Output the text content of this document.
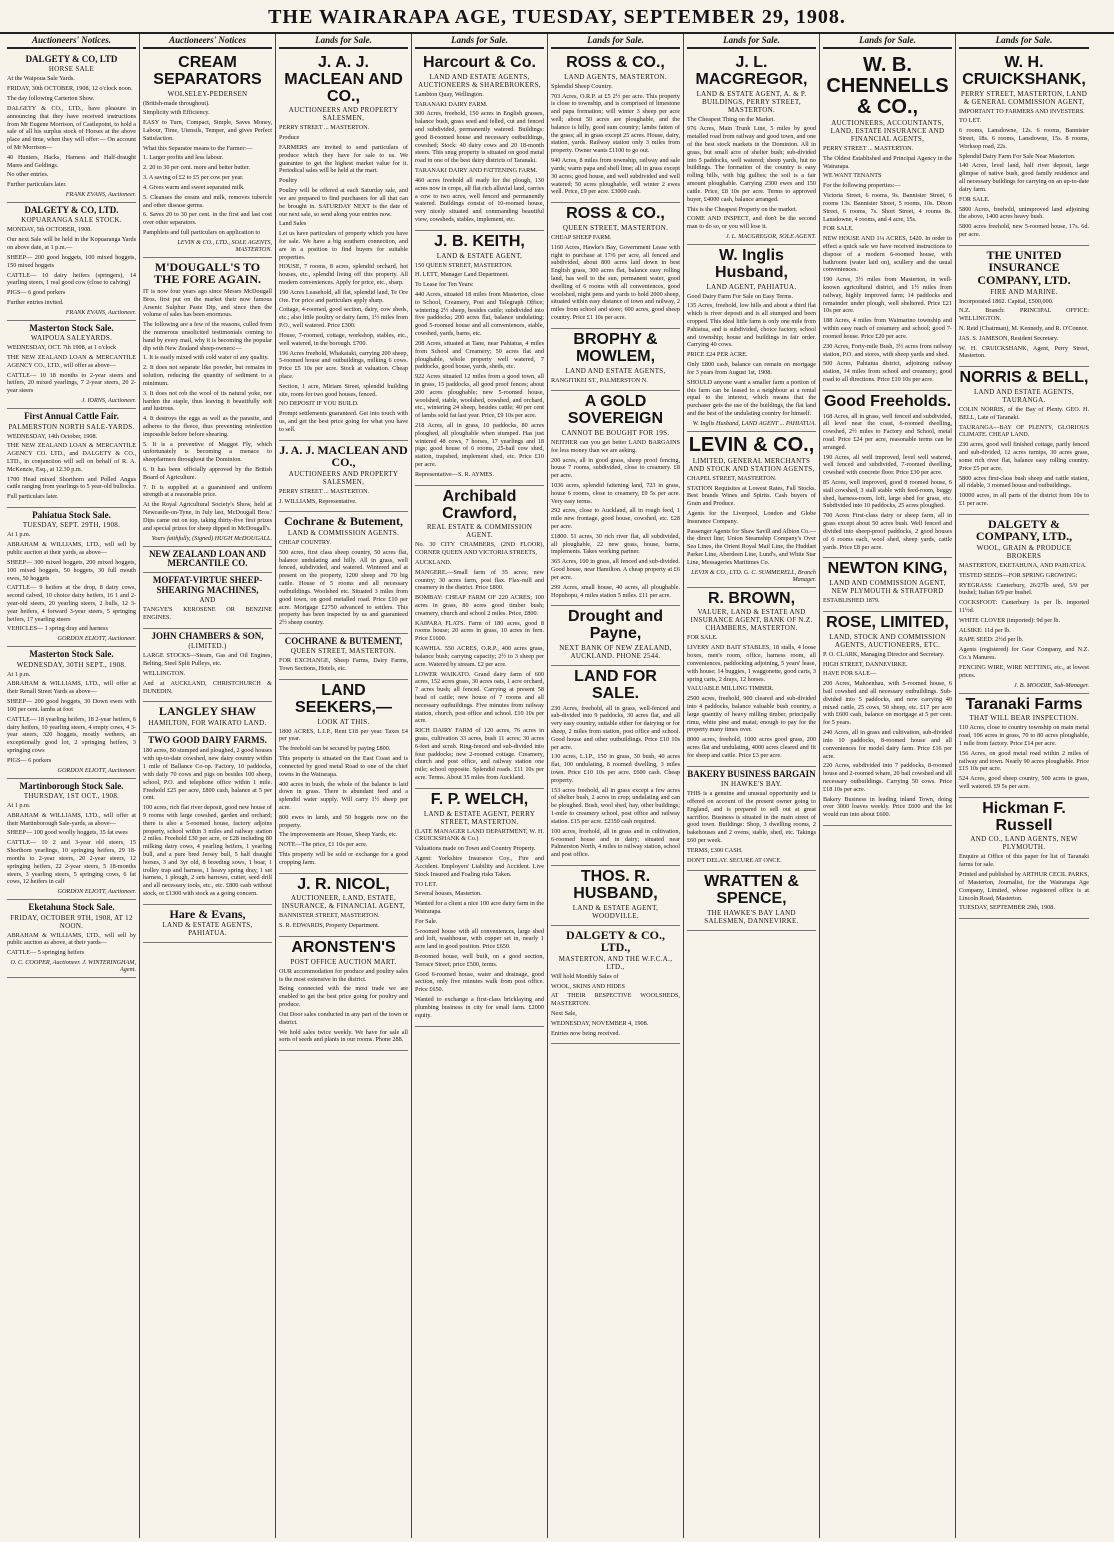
THE WAIRARAPA AGE, TUESDAY, SEPTEMBER 29, 1908.
Auctioneers' Notices.
DALGETY & CO, LTD
HORSE SALE

At the Waipoua Sale Yards.

FRIDAY, 30th OCTOBER, 1908, 12 o'clock noon.

The day following Carterton Show.

DALGETY & CO., LTD., have pleasure in announcing that they have received instructions from Mr Eugene Morrison, of Castlepoint, to hold a sale of all his surplus stock of Horses at the above place and time, when they will offer:— On account of Mr Morrison—

40 Hunters, Hacks, Harness and Half-draught Mares and Geldings.

No other entries.

Further particulars later.

FRANK EVANS, Auctioneer.
DALGETY & CO, LTD.
KOPUARANGA SALE STOCK.

MONDAY, 5th OCTOBER, 1908.

Our next Sale will be held in the Kopuaranga Yards on above date, at 1 p.m.—

SHEEP— 200 good hoggets, 100 mixed hoggets, 150 mixed hoggets

CATTLE— 10 dairy heifers (springers), 14 yearling steers, 1 real good cow (close to calving)

PIGS— 6 good porkers

Further entries invited.

FRANK EVANS, Auctioneer.
Masterton Stock Sale.
WAIPOUA SALEYARDS.

WEDNESDAY, OCT. 7th 1908, at 1 o'clock

THE NEW ZEALAND LOAN & MERCANTILE AGENCY CO., LTD., will offer as above—

CATTLE— 10 18 months to 2-year steers and heifers, 20 mixed yearlings, 7 2-year steers, 20 2-year steers

J. IORNS, Auctioneer.
First Annual Cattle Fair.
PALMERSTON NORTH SALE-YARDS.

WEDNESDAY, 14th October, 1908.

THE NEW ZEALAND LOAN & MERCANTILE AGENCY CO. LTD., and DALGETY & CO., LTD., in conjunction will sell on behalf of R. A. McKenzie, Esq., at 12.30 p.m.

1700 Head mixed Shorthorn and Polled Angus cattle ranging from yearlings to 5 year-old bullocks.

Full particulars later.

Pahiatua Stock Sale.
TUESDAY, SEPT. 29TH, 1908.

At 1 p.m.

ABRAHAM & WILLIAMS, LTD., will sell by public auction at their yards, as above—

SHEEP— 300 mixed hoggets, 200 mixed hoggets, 100 mixed hoggets, 50 hoggets, 30 full mouth ewes, 50 hoggets

CATTLE— 9 heifers at the drop, 8 dairy cows, second calved, 10 choice dairy heifers, 16 1 and 2-year-old steers, 20 yearling steers, 2 bulls, 12 3-year heifers, 4 forward 3-year steers, 5 springing heifers, 17 yearling steers

VEHICLES— 1 spring dray and harness

GORDON ELIOTT, Auctioneer.
Masterton Stock Sale.
WEDNESDAY, 30TH SEPT., 1908.

At 1 p.m.

ABRAHAM & WILLIAMS, LTD., will offer at their Renall Street Yards as above—

SHEEP— 200 good hoggets, 30 Down ewes with 100 per cent. lambs at foot

CATTLE— 18 yearling heifers, 18 2-year heifers, 6 dairy heifers, 10 yearling steers, 4 empty cows, 4 3-year steers, 320 hoggets, mostly wethers, an exceptionally good lot, 2 springing heifers, 3 springing cows

PIGS— 6 porkers

GORDON ELIOTT, Auctioneer.
Martinborough Stock Sale.
THURSDAY, 1ST OCT., 1908.

At 1 p.m.

ABRAHAM & WILLIAMS, LTD., will offer at their Martinborough Sale-yards, as above—

SHEEP— 100 good woolly hoggets, 35 fat ewes

CATTLE— 10 2 and 3-year old steers, 15 Shorthorn yearlings, 10 springing heifers, 29 18-months to 2-year steers, 20 2-year steers, 12 springing heifers, 22 2-year steers, 5 18-months steers, 3 yearling steers, 5 springing cows, 6 fat cows, 12 heifers in calf

GORDON ELIOTT, Auctioneer.
Eketahuna Stock Sale.
FRIDAY, OCTOBER 9TH, 1908, AT 12 NOON.

ABRAHAM & WILLIAMS, LTD., will sell by public auction as above, at their yards—

CATTLE— 5 springing heifers

O. C. COOPER, Auctioneer. J. WINTERINGHAM, Agent.
Auctioneers' Notices
CREAM SEPARATORS
WOLSELEY-PEDERSEN

(British-made throughout).

Simplicity with Efficiency.

EASY to Turn, Compact, Simple, Saves Money, Labour, Time, Utensils, Temper, and gives Perfect Satisfaction.

What this Separator means to the Farmer:—

1. Larger profits and less labour.

2. 20 to 30 per cent. more and better butter.

3. A saving of £2 to £5 per cow per year.

4. Gives warm and sweet separated milk.

5. Cleanses the cream and milk, removes tubercle and other disease germs.

6. Saves 20 to 30 per cent. in the first and last cost over other separators.

Pamphlets and full particulars on application to

LEVIN & CO., LTD., SOLE AGENTS, MASTERTON.
M'DOUGALL'S TO THE FORE AGAIN.

IT is now four years ago since Messrs McDougall Bros. first put on the market their now famous Arsenic Sulphur Paste Dip, and since then the volume of sales has been enormous.

The following are a few of the reasons, culled from the numerous unsolicited testimonials coming to hand by every mail, why it is becoming the popular dip with New Zealand sheep-owners:—

1. It is easily mixed with cold water of any quality.

2. It does not separate like powder, but remains in solution, reducing the quantity of sediment to a minimum.

3. It does not rob the wool of its natural yoke, nor harden the staple, thus leaving it beautifully soft and lustrous.

4. It destroys the eggs as well as the parasite, and adheres to the fleece, thus preventing reinfection impossible before before shearing.

5. It is a preventive of Maggot Fly, which unfortunately is becoming a menace to sheepfarmers throughout the Dominion.

6. It has been officially approved by the British Board of Agriculture.

7. It is supplied at a guaranteed and uniform strength at a reasonable price.

At the Royal Agricultural Society's Show, held at Newcastle-on-Tyne, in July last, McDougall Bros.' Dips came out on top, taking thirty-five first prizes and special prizes for sheep dipped in McDougall's.

Yours faithfully, (Signed) HUGH McDOUGALL.
NEW ZEALAND LOAN AND MERCANTILE CO.
MOFFAT-VIRTUE SHEEP-SHEARING MACHINES,
AND

TANGYE'S KEROSENE OR BENZINE ENGINES.

JOHN CHAMBERS & SON,
(LIMITED.)

LARGE STOCKS—Steam, Gas and Oil Engines, Belting, Steel Split Pulleys, etc.

WELLINGTON.

And at AUCKLAND, CHRISTCHURCH & DUNEDIN.

LANGLEY SHAW
HAMILTON, FOR WAIKATO LAND.
TWO GOOD DAIRY FARMS.

180 acres, 80 stumped and ploughed, 2 good houses with up-to-date cowshed, new dairy country within 1 mile of Ballance Co-op. Factory, 10 paddocks, with daily 70 cows and pigs on besides 100 sheep, school, P.O. and telephone office within 1 mile. Freehold £25 per acre, £800 cash, balance at 5 per cent.

100 acres, rich flat river deposit, good new house of 9 rooms with large cowshed, garden and orchard; there is also a 5-roomed house, factory adjoins property, school within 3 miles and railway station 2 miles. Freehold £30 per acre, or £28 including 80 milking dairy cows, 4 yearling heifers, 1 yearling bull, and a pure bred Jersey bull, 5 half draught horses, 3 and 3yr old, 8 breeding sows, 1 boar, 1 trolley trap and harness, 1 heavy spring dray, 1 set harness, 1 plough, 2 sets harrows, cutter, seed drill and all necessary tools, etc., etc. £800 cash without stock, or £1300 with stock as a going concern.

Hare & Evans,
LAND & ESTATE AGENTS, PAHIATUA.
Lands for Sale.
J. A. J. MACLEAN AND CO.,
AUCTIONEERS AND PROPERTY SALESMEN,

PERRY STREET ... MASTERTON.

Produce

FARMERS are invited to send particulars of produce which they have for sale to us. We guarantee to get the highest market value for it. Periodical sales will be held at the mart.

Poultry

Poultry will be offered at each Saturday sale, and we are prepared to find purchasers for all that can be brought in. SATURDAY NEXT is the date of our next sale, so send along your entries now.

Land Sales

Let us have particulars of property which you have for sale. We have a big southern connection, and are in a position to find buyers for suitable properties.

HOUSE, 7 rooms, 8 acres, splendid orchard, hot houses, etc., splendid living off this property. All modern conveniences. Apply for price, etc., sharp.

190 Acres Leasehold, all flat, splendid land, Te Ore Ore. For price and particulars apply sharp.

Cottage, 4-roomed, good section, dairy, cow sheds, etc.; also little poultry or dairy farm, 1½ miles from P.O., well watered. Price £300.

House, 7-roomed, cottage, workshop, stables, etc., well watered, in the borough. £700.

196 Acres freehold, Whakataki, carrying 200 sheep, 5-roomed house and outbuildings, milking 6 cows. Price £5 10s per acre. Stock at valuation. Cheap place.

Section, 1 acre, Miriam Street, splendid building site, room for two good houses, fenced.

NO DEPOSIT IF YOU BUILD.

Prompt settlements guaranteed. Get into touch with us, and get the best price going for what you have to sell.

J. A. J. MACLEAN AND CO.,
AUCTIONEERS AND PROPERTY SALESMEN,

PERRY STREET ... MASTERTON.

J. WILLIAMS, Representative.

Cochrane & Butement,
LAND & COMMISSION AGENTS.

CHEAP COUNTRY.

500 acres, first class sheep country, 50 acres flat, balance undulating and hilly. All in grass, well fenced, subdivided, and watered. Wintered and at present on the property, 1200 sheep and 70 big cattle. House of 5 rooms and all necessary outbuildings. Woolshed etc. Situated 3 miles from good town, on good metalled road. Price £10 per acre. Mortgage £2750 advanced to settlers. This property has been inspected by us and guaranteed 2½ sheep country.

COCHRANE & BUTEMENT,
QUEEN STREET, MASTERTON.

FOR EXCHANGE, Sheep Farms, Dairy Farms, Town Sections, Hotels, etc.

LAND SEEKERS,—
LOOK AT THIS.

1800 ACRES, L.I.P., Rent £18 per year. Taxes £4 per year.

The freehold can be secured by paying £800.

This property is situated on the East Coast and is connected by good metal Road to one of the chief towns in the Wairarapa.

400 acres in bush, the whole of the balance is laid down in grass. There is abundant feed and a splendid water supply. Will carry 1½ sheep per acre.

800 ewes in lamb, and 50 hoggets now on the property.

The improvements are House, Sheep Yards, etc.

NOTE—The price, £1 10s per acre.

This property will be sold or exchange for a good cropping farm.

J. R. NICOL,
AUCTIONEER, LAND, ESTATE, INSURANCE, & FINANCIAL AGENT,

BANNISTER STREET, MASTERTON.

S. R. EDWARDS, Property Department.

ARONSTEN'S
POST OFFICE AUCTION MART.

OUR accommodation for produce and poultry sales is the most extensive in the district.

Being connected with the most trade we are enabled to get the best price going for poultry and produce.

Out Door sales conducted in any part of the town or district.

We hold sales twice weekly. We have for sale all sorts of seeds and plants in our rooms. Phone 288.

Lands for Sale.
Harcourt & Co.
LAND AND ESTATE AGENTS, AUCTIONEERS & SHAREBROKERS,

Lambton Quay, Wellington.

TARANAKI DAIRY FARM.

300 Acres, freehold, 150 acres in English grasses, balance bush, grass seed and felled, cut and fenced and subdivided, permanently watered. Buildings: good 8-roomed house and necessary outbuildings, cowshed; Stock: 40 dairy cows and 20 18-month steers. This snug property is situated on good metal road in one of the best dairy districts of Taranaki.

TARANAKI DAIRY AND FATTENING FARM.

460 acres freehold all ready for the plough, 130 acres now in crops, all flat rich alluvial land, carries a cow to two acres, well fenced and permanently watered. Buildings consist of 10-roomed house, very nicely situated and commanding beautiful view, cowsheds, stables, implement, etc.

J. B. KEITH,
LAND & ESTATE AGENT,

150 QUEEN STREET, MASTERTON.

H. LETT, Manager Land Department.

To Lease for Ten Years:

440 Acres, situated 18 miles from Masterton, close to School, Creamery, Post and Telegraph Office; wintering 2½ sheep, besides cattle; subdivided into five paddocks; 200 acres flat, balance undulating; good 5-roomed house and all conveniences, stable, cowshed, yards, barns, etc.

208 Acres, situated at Tane, near Pahiatua, 4 miles from School and Creamery; 50 acres flat and ploughable, whole property well watered, 7 paddocks, good house, yards, sheds, etc.

922 Acres situated 12 miles from a good town, all in grass, 15 paddocks, all good proof fences; about 200 acres ploughable; new 5-roomed house, woolshed, stable, woolshed, cowshed, and orchard, etc., wintering 24 sheep, besides cattle; 40 per cent of lambs sold fat last year. Price, £9 10s per acre.

218 Acres, all in grass, 10 paddocks, 80 acres ploughed, all ploughable when stumped. Has just wintered 48 cows, 7 horses, 17 yearlings and 18 pigs; good house of 6 rooms, 25-bail cow shed, station, trapshed, implement shed, etc. Price £10 per acre.

Representative—S. R. AYMES.

Archibald Crawford,
REAL ESTATE & COMMISSION AGENT.

No. 30 CITY CHAMBERS, (2ND FLOOR), CORNER QUEEN AND VICTORIA STREETS,

AUCKLAND.

MANGERE.—Small farm of 35 acres; new country; 30 acres farm, post flax. Flax-mill and creamery in the district. Price £800.

BOMBAY: CHEAP FARM OF 220 ACRES; 100 acres in grass, 80 acres good timber bush; creamery, church and school 2 miles. Price, £800.

KAIPARA FLATS. Farm of 180 acres, good 8 rooms house; 20 acres in grass, 10 acres in fern. Price £1600.

KAWHIA. 550 ACRES, O.R.P., 400 acres grass, balance bush; carrying capacity; 2½ to 3 sheep per acre. Watered by stream. £2 per acre.

LOWER WAIKATO. Grand dairy farm of 600 acres, 152 acres grass, 30 acres oats, 1 acre orchard, 7 acres bush; all fenced. Carrying at present 58 head of cattle; new house of 7 rooms and all necessary outbuildings. Five minutes from railway station, church, post office and school. £10 10s per acre.

RICH DAIRY FARM of 120 acres, 76 acres in grass, cultivation 33 acres, bush 11 acres; 30 acres 6-feet and scrub. Ring-fenced and sub-divided into four paddocks; new 2-roomed cottage. Creamery, church and post office, and railway station one mile; school opposite. Splendid roads. £11 10s per acre. Terms. About 35 miles from Auckland.

F. P. WELCH,
LAND & ESTATE AGENT, PERRY STREET, MASTERTON.

(LATE MANAGER LAND DEPARTMENT, W. H. CRUICKSHANK & Co.)

Valuations made on Town and Country Property.

Agent: Yorkshire Insurance Coy., Fire and Accident. Employers' Liability and Accident. Live Stock Insured and Foaling risks Taken.

TO LET.

Several houses, Masterton.

Wanted for a client a nice 100 acre dairy farm in the Wairarapa.

For Sale.

5-roomed house with all conveniences, large shed and loft, washhouse, with copper set in, nearly 1 acre land in good position. Price £650.

8-roomed house, well built, on a good section, Terrace Street; price £500, terms.

Good 6-roomed house, water and drainage, good section, only five minutes walk from post office. Price £650.

Wanted to exchange a first-class bricklaying and plumbing business in city for small farm. £2000 equity.

Lands for Sale.
ROSS & CO.,
LAND AGENTS, MASTERTON.

Splendid Sheep Country.

703 Acres, O.R.P. at £5 2½ per acre. This property is close to township, and is comprised of limestone and papa formation; will winter 3 sheep per acre well; about 50 acres are ploughable, and the balance is hilly, good sum country; lambs fatten of the grass; all in grass except 25 acres. House, dairy, station, yards. Railway station only 3 miles from property. Owner wants £1100 to go out.

940 Acres, 8 miles from township, railway and sale yards; warm papa and shell lime; all in grass except 30 acres; good house, and well subdivided and well watered; 50 acres ploughable, will winter 2 ewes well. Price, £9 per acre. £3000 cash.

ROSS & CO.,
QUEEN STREET, MASTERTON.

CHEAP SHEEP FARM.

1160 Acres, Hawke's Bay, Government Lease with right to purchase at 17/6 per acre, all fenced and subdivided, about 800 acres laid down in best English grass, 300 acres flat, balance easy rolling land, has well to the sun, permanent water, good dwelling of 6 rooms with all conveniences, good woolshed, night pens and yards to hold 2000 sheep, situated within easy distance of town and railway, 2 miles from school and store; 600 acres, good sheep country. Price £1 10s per acre.

BROPHY & MOWLEM,
LAND AND ESTATE AGENTS,

RANGITIKEI ST., PALMERSTON N.

A GOLD SOVEREIGN
CANNOT BE BOUGHT FOR 19S.

NEITHER can you get better LAND BARGAINS for less money than we are asking.

200 acres, all in good grass, sheep proof fencing, house 7 rooms, subdivided, close to creamery. £8 per acre.

1036 acres, splendid fattening land, 723 in grass, house 6 rooms, close to creamery, £9 5s per acre. Very easy terms.

292 acres, close to Auckland, all in rough feed, 1 mile new frontage, good house, cowshed, etc. £28 per acre.

£1800. 51 acres, 30 rich river flat, all subdivided, all ploughable, 22 new grass, house, barns, implements. Takes working partner.

365 Acres, 100 in grass, all fenced and sub-divided. Good house, near Hamilton. A cheap property at £6 per acre.

299 Acres, small house, 40 acres, all ploughable. Hopuhopu, 4 miles station 5 miles. £11 per acre.

Drought and Payne,
NEXT BANK OF NEW ZEALAND, AUCKLAND. PHONE 2544.
LAND FOR SALE.

230 Acres, freehold, all in grass, well-fenced and sub-divided into 9 paddocks, 30 acres flat, and all very easy country, suitable either for dairying or for sheep, 2 miles from station, post office and school. Good house and other outbuildings. Price £10 10s per acre.

130 acres, L.I.P., 150 in grass, 30 bush, 40 acres flat, 100 undulating, 8 roomed dwelling, 3 miles town. Price £10 10s per acre. £600 cash. Cheap property.

153 acres freehold, all in grass except a few acres of shelter bush, 2 acres in crop; undulating and can be ploughed. Bush, wool shed, hay, other buildings; 1-mile to creamery school, post office and railway station. £15 per acre. £2350 cash required.

100 acres, freehold, all in grass and in cultivation, 6-roomed house and in dairy; situated near Palmerston North, 4 miles to railway station, school and post office.

THOS. R. HUSBAND,
LAND & ESTATE AGENT, WOODVILLE.
DALGETY & CO., LTD.,
MASTERTON, AND THE W.F.C.A., LTD.,

Will hold Monthly Sales of

WOOL, SKINS AND HIDES

AT THEIR RESPECTIVE WOOLSHEDS, MASTERTON.

Next Sale,

WEDNESDAY, NOVEMBER 4, 1908.

Entries now being received.

Lands for Sale.
J. L. MACGREGOR,
LAND & ESTATE AGENT, A. & P. BUILDINGS, PERRY STREET, MASTERTON.

The Cheapest Thing on the Market.

976 Acres, Main Trunk Line, 5 miles by good metalled road from railway and good town, and one of the best stock markets in the Dominion. All in grass, but small acre of shelter bush; sub-divided into 5 paddocks, well watered; sheep yards, hut no buildings. The formation of the country is easy rolling hills, with big gullies; the soil is a fair amount ploughable. Carrying 2300 ewes and 150 cattle. Price, £8 10s per acre. Terms to approved buyer, £4000 cash, balance arranged.

This is the Cheapest Property on the market.

COME AND INSPECT, and don't be the second man to do so, or you will lose it.

J. L. MACGREGOR, SOLE AGENT.
W. Inglis Husband,
LAND AGENT, PAHIATUA.

Good Dairy Farm For Sale on Easy Terms.

135 Acres, freehold, low hills and about a third flat which is river deposit and is all stumped and been cropped. This ideal little farm is only one mile from Pahiatua, and is subdivided, choice factory, school and township; house and buildings in fair order. Carrying 40 cows.

PRICE £24 PER ACRE.

Only £800 cash, balance can remain on mortgage for 3 years from August 1st, 1908.

SHOULD anyone want a smaller farm a portion of this farm can be leased to a neighbour at a rental equal to the interest, which means that the purchaser gets the use of the buildings, the flat land and the best of the undulating country for himself.

W. Inglis Husband, LAND AGENT ... PAHIATUA.
LEVIN & CO.,
LIMITED, GENERAL MERCHANTS AND STOCK AND STATION AGENTS,

CHAPEL STREET, MASTERTON.

STATION Requisites at Lowest Rates, Fall Stocks. Best brands Wines and Spirits. Cash buyers of Grain and Produce.

Agents for the Liverpool, London and Globe Insurance Company.

Passenger Agents for Shaw Savill and Albion Co.—the direct line; Union Steamship Company's Over Sea Lines, the Orient Royal Mail Line, the Huddart Parker Line, Aberdeen Line, Lund's, and White Star Line, Messageries Maritimes Co.

LEVIN & CO., LTD. G. C. SUMMERELL, Branch Manager.
R. BROWN,
VALUER, LAND & ESTATE AND INSURANCE AGENT, BANK OF N.Z. CHAMBERS, MASTERTON.

FOR SALE.

LIVERY AND BAIT STABLES, 18 stalls, 4 loose boxes, men's room, office, harness room, all conveniences, paddocking adjoining, 5 years' lease, with house; 14 buggies, 1 waggonette, good carts, 3 spring carts, 2 drays, 12 horses.

VALUABLE MILLING TIMBER.

2500 acres, freehold, 900 cleared and sub-divided into 4 paddocks, balance valuable bush country, a large quantity of heavy milling timber, principally rimu, white pine and matai; enough to pay for the property many times over.

8000 acres, freehold, 1000 acres good grass, 200 acres flat and undulating, 4000 acres cleared and fit for sheep and cattle. Price £3 per acre.

BAKERY BUSINESS BARGAIN
IN HAWKE'S BAY.

THIS is a genuine and unusual opportunity and is offered on account of the present owner going to England, and is prepared to sell out at great sacrifice. Business is situated in the main street of good town. Buildings: Shop, 3 dwelling rooms, 2 bakehouses and 2 ovens, stable, shed, etc. Takings £60 per week.

TERMS, £300 CASH.

DON'T DELAY. SECURE AT ONCE.

WRATTEN & SPENCE,
THE HAWKE'S BAY LAND SALESMEN, DANNEVIRKE.
Lands for Sale.
W. B. CHENNELLS & CO.,
AUCTIONEERS, ACCOUNTANTS, LAND, ESTATE INSURANCE AND FINANCIAL AGENTS,

PERRY STREET ... MASTERTON.

The Oldest Established and Principal Agency in the Wairarapa.

WE WANT TENANTS

For the following properties:—

Victoria Street, 6 rooms, 9s. Bannister Street, 6 rooms 13s. Bannister Street, 5 rooms, 10s. Dixon Street, 6 rooms, 7s. Short Street, 4 rooms 8s. Lansdowne, 4 rooms, and 4 acre, 15s.

FOR SALE.

NEW HOUSE AND 1¼ ACRES, £420. In order to effect a quick sale we have received instructions to dispose of a modern 6-roomed house, with bathroom (water laid on), scullery and the usual conveniences.

190 Acres, 3½ miles from Masterton, in well-known agricultural district, and 1½ miles from railway, highly improved farm; 14 paddocks and remainder under plough, well sheltered. Price £21 10s per acre.

188 Acres, 4 miles from Waimarino township and within easy reach of creamery and school; good 7-roomed house. Price £20 per acre.

230 Acres, Forty-mile Bush, 3½ acres from railway station, P.O. and stores, with sheep yards and shed.

500 Acres, Pahiatua district, adjoining railway station, 14 miles from school and creamery; good road to all directions. Price £10 10s per acre.

Good Freeholds.

168 Acres, all in grass, well fenced and subdivided, all level near the coast, 6-roomed dwelling, cowshed, 2½ miles to Factory and School, metal road. Price £24 per acre, reasonable terms can be arranged.

190 Acres, all well improved, level well watered, well fenced and subdivided, 7-roomed dwelling, cowshed with concrete floor. Price £30 per acre.

85 Acres, well improved, good 8 roomed house, 6 stall cowshed, 3 stall stable with feed-room, buggy shed, harness-room, loft, large shed for grass, etc. Subdivided into 10 paddocks, 25 acres ploughed.

700 Acres First-class dairy or sheep farm, all in grass except about 50 acres bush. Well fenced and divided into sheep-proof paddocks, 2 good houses of 6 rooms each, wool shed, sheep yards, cattle yards. Price £8 per acre.

NEWTON KING,
LAND AND COMMISSION AGENT, NEW PLYMOUTH & STRATFORD

ESTABLISHED 1879.

ROSE, LIMITED,
LAND, STOCK AND COMMISSION AGENTS, AUCTIONEERS, ETC.

P. O. CLARK, Managing Director and Secretary.

HIGH STREET, DANNEVIRKE.

HAVE FOR SALE—

200 Acres, Mahoenhau, with 5-roomed house, 6 bail cowshed and all necessary outbuildings. Sub-divided into 5 paddocks, and now carrying 40 mixed cattle, 25 cows, 50 sheep, etc. £17 per acre with £600 cash, balance on mortgage at 5 per cent. for 5 years.

240 Acres, all in grass and cultivation, sub-divided into 10 paddocks, 8-roomed house and all conveniences for model dairy farm. Price £16 per acre.

220 Acres, subdivided into 7 paddocks, 8-roomed house and 2-roomed whare, 20 bail cowshed and all necessary outbuildings. Carrying 50 cows. Price £18 10s per acre.

Bakery Business in leading inland Town, doing over 3000 loaves weekly. Price £600 and the lot would run into about £600.

Lands for Sale.
W. H. CRUICKSHANK,
PERRY STREET, MASTERTON, LAND & GENERAL COMMISSION AGENT,

IMPORTANT TO FARMERS AND INVESTERS.

TO LET.

6 rooms, Lansdowne, 12s. 6 rooms, Bannister Street, 18s. 6 rooms, Lansdowne, 15s. 8 rooms, Worksop road, 22s.

Splendid Dairy Farm For Sale Near Masterton.

140 Acres, level land, half river deposit, large glimpse of native bush, good family residence and all necessary buildings for carrying on an up-to-date dairy farm.

FOR SALE.

5800 Acres, freehold, unimproved land adjoining the above, 1400 acres heavy bush.

5800 acres freehold, new 5-roomed house, 17s. 6d. per acre.

THE UNITED INSURANCE COMPANY, LTD.
FIRE AND MARINE.

Incorporated 1862. Capital, £500,000.

N.Z. Branch: PRINCIPAL OFFICE: WELLINGTON.

N. Reid (Chairman), M. Kennedy, and R. O'Connor.

JAS. S. JAMESON, Resident Secretary.

W. H. CRUICKSHANK, Agent, Perry Street, Masterton.

NORRIS & BELL,
LAND AND ESTATE AGENTS, TAURANGA.

COLIN NORRIS, of the Bay of Plenty. GEO. H. BELL, Late of Taranaki.

TAURANGA—BAY OF PLENTY, GLORIOUS CLIMATE. CHEAP LAND.

230 acres, good well finished cottage, partly fenced and sub-divided, 12 acres turnips, 30 acres grass, some rich river flat, balance easy rolling country. Price £5 per acre.

5800 acres first-class bush sheep and cattle station, all ridable, 3 roomed house and outbuildings.

10000 acres, in all parts of the district from 10s to £1 per acre.

DALGETY & COMPANY, LTD.,
WOOL, GRAIN & PRODUCE BROKERS

MASTERTON, EKETAHUNA, AND PAHIATUA.

TESTED SEEDS—FOR SPRING GROWING:

RYEGRASS: Canterbury, 26/27lb seed, 5/9 per bushel; Italian 6/9 per bushel.

COCKSFOOT: Canterbury 1s per lb. imported 11½d.

WHITE CLOVER (imported): 9d per lb.

ALSIKE: 11d per lb.

RAPE SEED: 2½d per lb.

Agents (registered) for Gear Company, and N.Z. Co.'s Manures.

FENCING WIRE, WIRE NETTING, etc., at lowest prices.

J. B. MOODIE, Sub-Manager.
Taranaki Farms
THAT WILL BEAR INSPECTION.

110 Acres, close to country township on main metal road, 106 acres in grass, 70 to 80 acres ploughable, 1 mile from factory. Price £14 per acre.

156 Acres, on good metal road within 2 miles of railway and town. Nearly 90 acres ploughable. Price £15 10s per acre.

524 Acres, good sheep country, 500 acres in grass, well watered. £9 5s per acre.

Hickman F. Russell
AND CO., LAND AGENTS, NEW PLYMOUTH.

Enquire at Office of this paper for list of Taranaki farms for sale.

Printed and published by ARTHUR CECIL PARKS, of Masterton, Journalist, for the Wairarapa Age Company, Limited, whose registered office is at Lincoln Road, Masterton.

TUESDAY, SEPTEMBER 29th, 1908.
